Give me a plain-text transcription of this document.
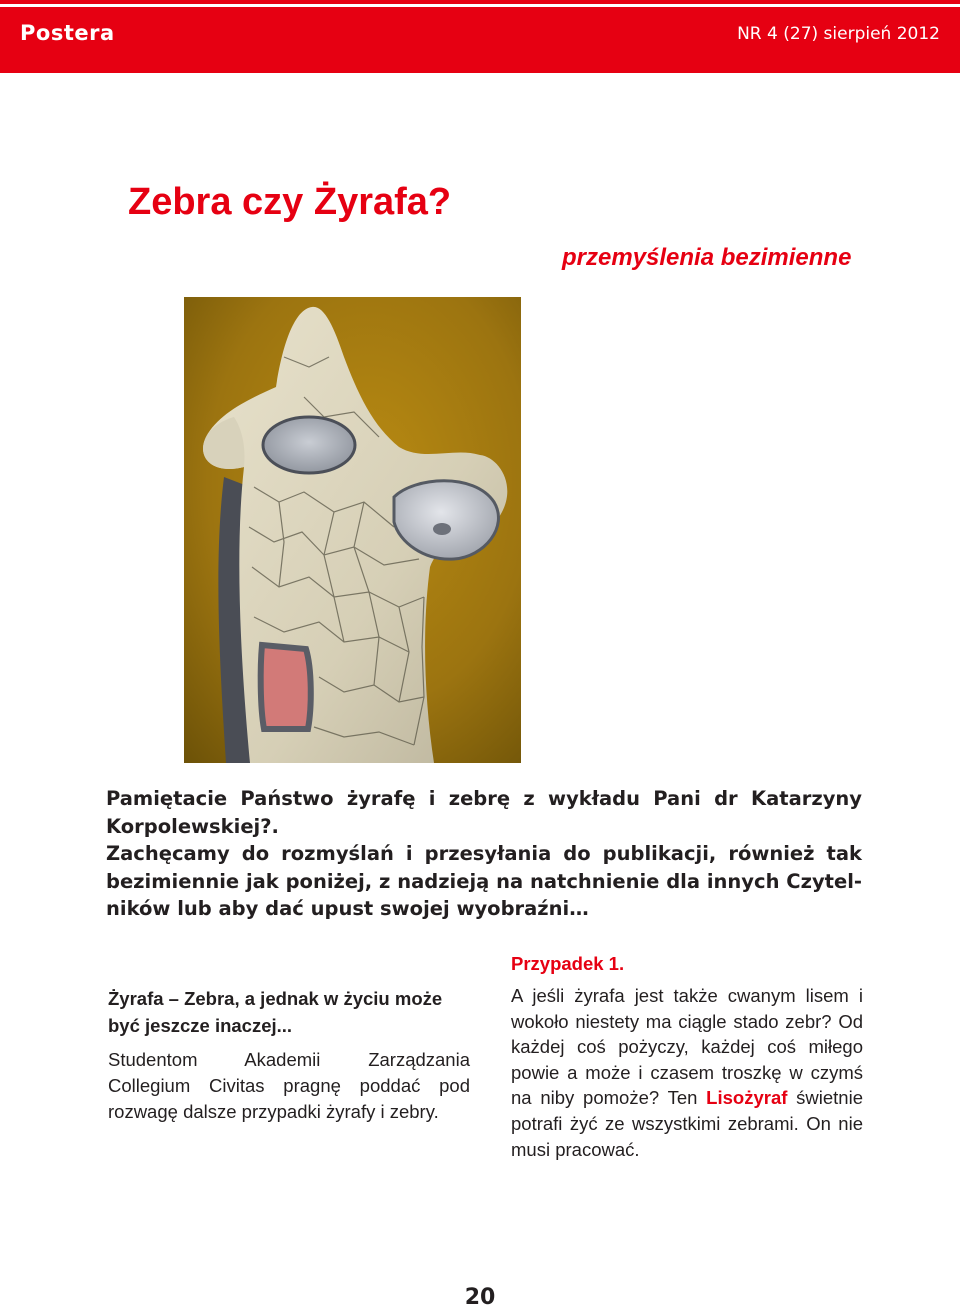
Postera	NR 4 (27) sierpień 2012
Zebra czy Żyrafa?
przemyślenia bezimienne
Pamiętacie Państwo żyrafę i zebrę z wykładu Pani dr Katarzyny
Korpolewskiej?.
Zachęcamy do rozmyślań i przesyłania do publikacji, również tak
bezimiennie jak poniżej, z nadzieją na natchnienie dla innych Czytel-
ników lub aby dać upust swojej wyobraźni…

Żyrafa – Zebra, a jednak w życiu może być jeszcze inaczej...

Studentom Akademii Zarządzania Collegium Civitas pragnę poddać pod rozwagę dalsze przypadki żyrafy i zebry.

Przypadek 1.

A jeśli żyrafa jest także cwanym lisem i wokoło niestety ma ciągle stado zebr? Od każdej coś pożyczy, każdej coś miłego powie a może i czasem troszkę w czymś na niby pomoże? Ten Lisożyraf świetnie potrafi żyć ze wszystkimi zebrami. On nie musi pracować.

20
